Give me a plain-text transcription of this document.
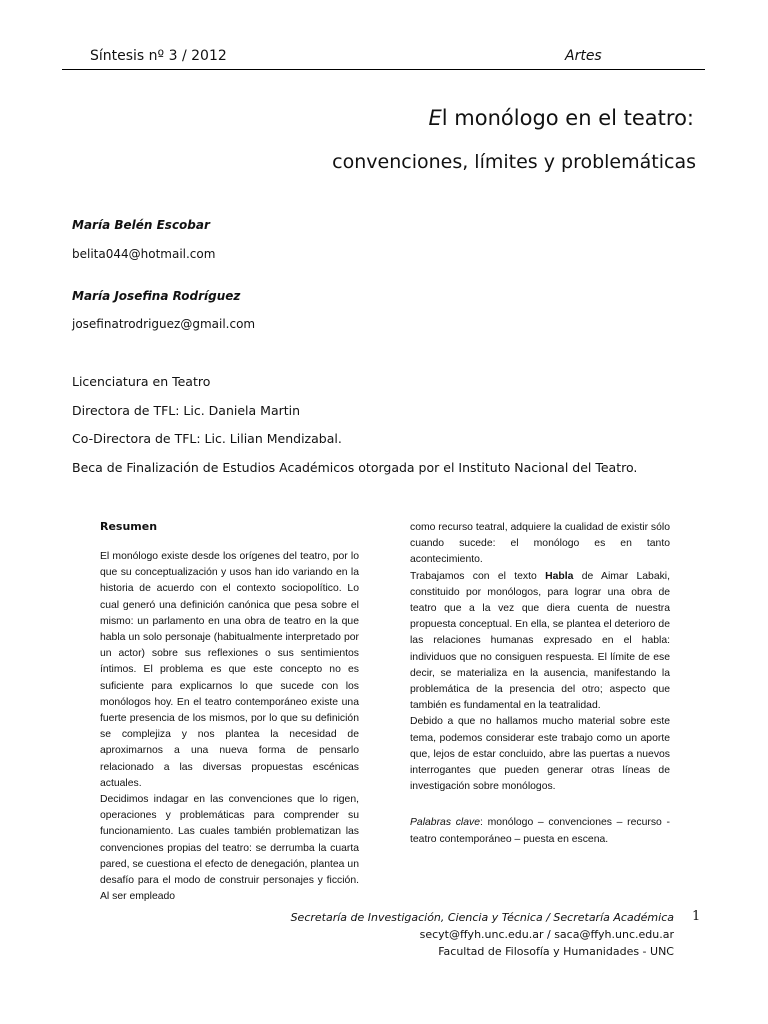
Síntesis nº 3 / 2012	Artes
El monólogo en el teatro:
convenciones, límites y problemáticas
María Belén Escobar
belita044@hotmail.com
María Josefina Rodríguez
josefinatrodriguez@gmail.com
Licenciatura en Teatro
Directora de TFL: Lic. Daniela Martin
Co-Directora de TFL: Lic. Lilian Mendizabal.
Beca de Finalización de Estudios Académicos otorgada por el Instituto Nacional del Teatro.
Resumen

El monólogo existe desde los orígenes del teatro, por lo que su conceptualización y usos han ido variando en la historia de acuerdo con el contexto sociopolítico. Lo cual generó una definición canónica que pesa sobre el mismo: un parlamento en una obra de teatro en la que habla un solo personaje (habitualmente interpretado por un actor) sobre sus reflexiones o sus sentimientos íntimos. El problema es que este concepto no es suficiente para explicarnos lo que sucede con los monólogos hoy. En el teatro contemporáneo existe una fuerte presencia de los mismos, por lo que su definición se complejiza y nos plantea la necesidad de aproximarnos a una nueva forma de pensarlo relacionado a las diversas propuestas escénicas actuales.

Decidimos indagar en las convenciones que lo rigen, operaciones y problemáticas para comprender su funcionamiento. Las cuales también problematizan las convenciones propias del teatro: se derrumba la cuarta pared, se cuestiona el efecto de denegación, plantea un desafío para el modo de construir personajes y ficción. Al ser empleado

como recurso teatral, adquiere la cualidad de existir sólo cuando sucede: el monólogo es en tanto acontecimiento.

Trabajamos con el texto Habla de Aimar Labaki, constituido por monólogos, para lograr una obra de teatro que a la vez que diera cuenta de nuestra propuesta conceptual. En ella, se plantea el deterioro de las relaciones humanas expresado en el habla: individuos que no consiguen respuesta. El límite de ese decir, se materializa en la ausencia, manifestando la problemática de la presencia del otro; aspecto que también es fundamental en la teatralidad.

Debido a que no hallamos mucho material sobre este tema, podemos considerar este trabajo como un aporte que, lejos de estar concluido, abre las puertas a nuevos interrogantes que pueden generar otras líneas de investigación sobre monólogos.

Palabras clave: monólogo – convenciones – recurso - teatro contemporáneo – puesta en escena.

Secretaría de Investigación, Ciencia y Técnica / Secretaría Académica 1
secyt@ffyh.unc.edu.ar / saca@ffyh.unc.edu.ar
Facultad de Filosofía y Humanidades - UNC
